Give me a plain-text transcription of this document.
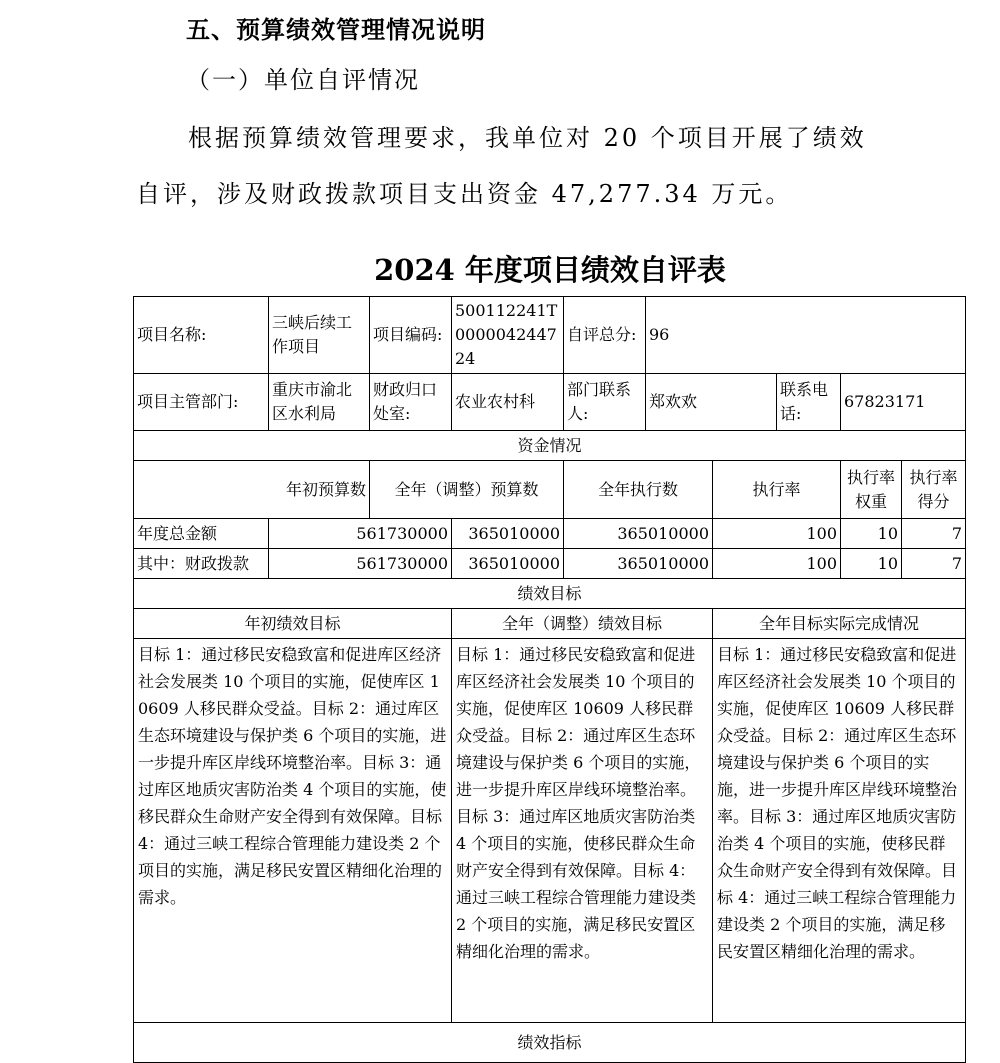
五、预算绩效管理情况说明
（一）单位自评情况
根据预算绩效管理要求，我单位对 20 个项目开展了绩效自评，涉及财政拨款项目支出资金 47,277.34 万元。
2024 年度项目绩效自评表
项目名称:	三峡后续工作项目	项目编码:	500112241T000004244724	自评总分:	96				
项目主管部门:	重庆市渝北区水利局	财政归口处室:	农业农村科	部门联系人:	郑欢欢		联系电话:	67823171	
资金情况									
年初预算数		全年（调整）预算数		全年执行数		执行率		执行率权重	执行率得分
年度总金额	561730000		365010000	365010000		100		10	7
其中：财政拨款	561730000		365010000	365010000		100		10	7
绩效目标									
年初绩效目标			全年（调整）绩效目标			全年目标实际完成情况			
目标 1：通过移民安稳致富和促进库区经济社会发展类 10 个项目的实施，促使库区 10609 人移民群众受益。目标 2：通过库区生态环境建设与保护类 6 个项目的实施，进一步提升库区岸线环境整治率。目标 3：通过库区地质灾害防治类 4 个项目的实施，使移民群众生命财产安全得到有效保障。目标 4：通过三峡工程综合管理能力建设类 2 个项目的实施，满足移民安置区精细化治理的需求。			目标 1：通过移民安稳致富和促进库区经济社会发展类 10 个项目的实施，促使库区 10609 人移民群众受益。目标 2：通过库区生态环境建设与保护类 6 个项目的实施，进一步提升库区岸线环境整治率。目标 3：通过库区地质灾害防治类 4 个项目的实施，使移民群众生命财产安全得到有效保障。目标 4：通过三峡工程综合管理能力建设类 2 个项目的实施，满足移民安置区精细化治理的需求。			目标 1：通过移民安稳致富和促进库区经济社会发展类 10 个项目的实施，促使库区 10609 人移民群众受益。目标 2：通过库区生态环境建设与保护类 6 个项目的实施，进一步提升库区岸线环境整治率。目标 3：通过库区地质灾害防治类 4 个项目的实施，使移民群众生命财产安全得到有效保障。目标 4：通过三峡工程综合管理能力建设类 2 个项目的实施，满足移民安置区精细化治理的需求。			
绩效指标									
